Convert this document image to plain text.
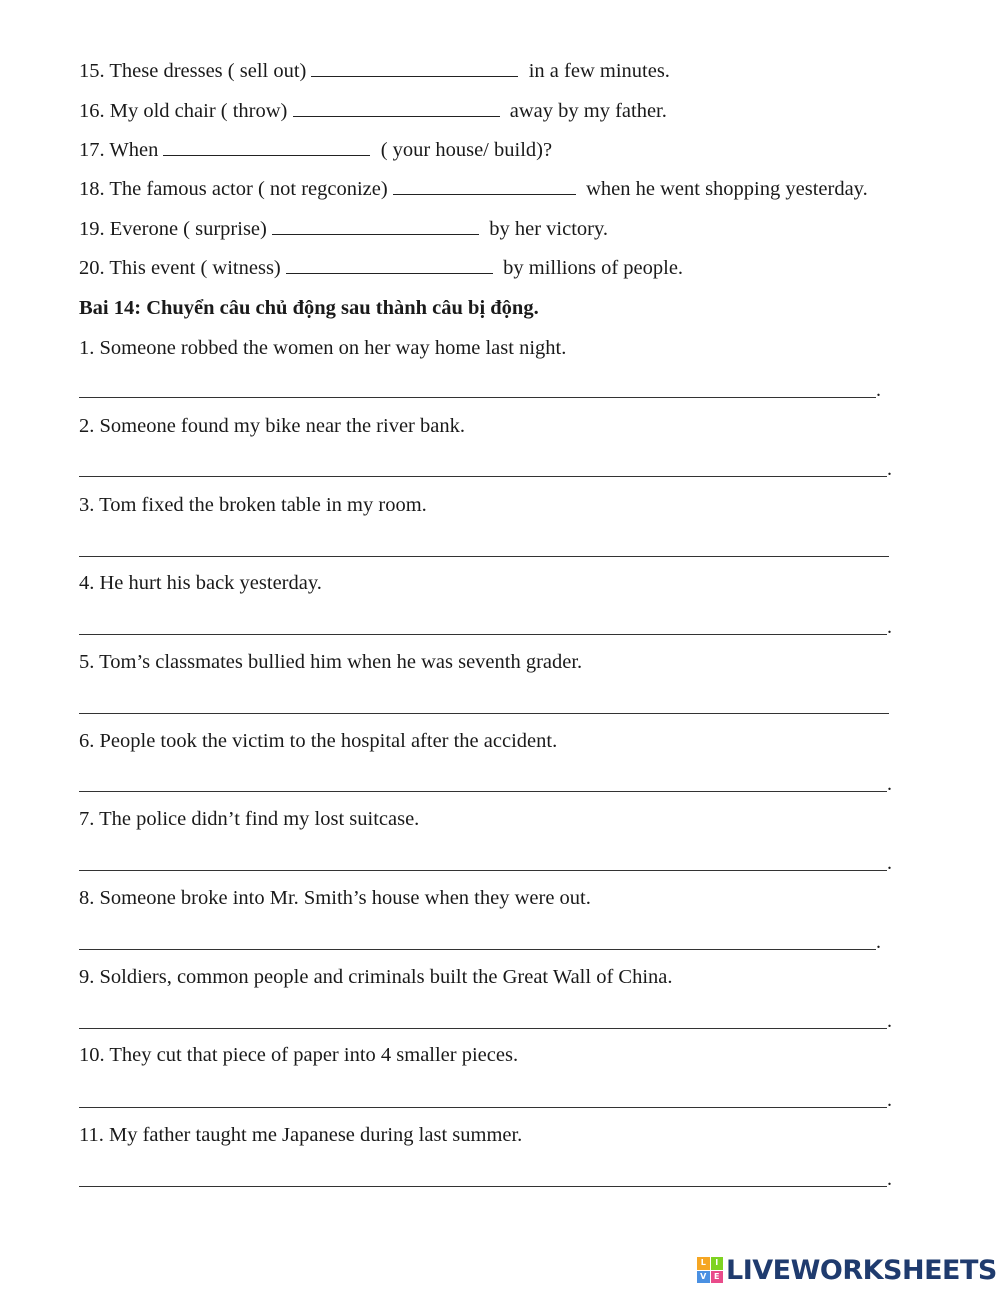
15. These dresses ( sell out)	in a few minutes.
16. My old chair ( throw)	away by my father.
17. When	( your house/ build)?
18. The famous actor ( not regconize)	when he went shopping yesterday.
19. Everone ( surprise)	by her victory.
20. This event ( witness)	by millions of people.
Bai 14: Chuyển câu chủ động sau thành câu bị động.
1. Someone robbed the women on her way home last night.
.
2. Someone found my bike near the river bank.
.
3. Tom fixed the broken table in my room.
4. He hurt his back yesterday.
.
5. Tom’s classmates bullied him when he was seventh grader.
6. People took the victim to the hospital after the accident.
.
7. The police didn’t find my lost suitcase.
.
8. Someone broke into Mr. Smith’s house when they were out.
.
9. Soldiers, common people and criminals built the Great Wall of China.
.
10. They cut that piece of paper into 4 smaller pieces.
.
11. My father taught me Japanese during last summer.
.
L	I
V E LIVEWORKSHEETS
